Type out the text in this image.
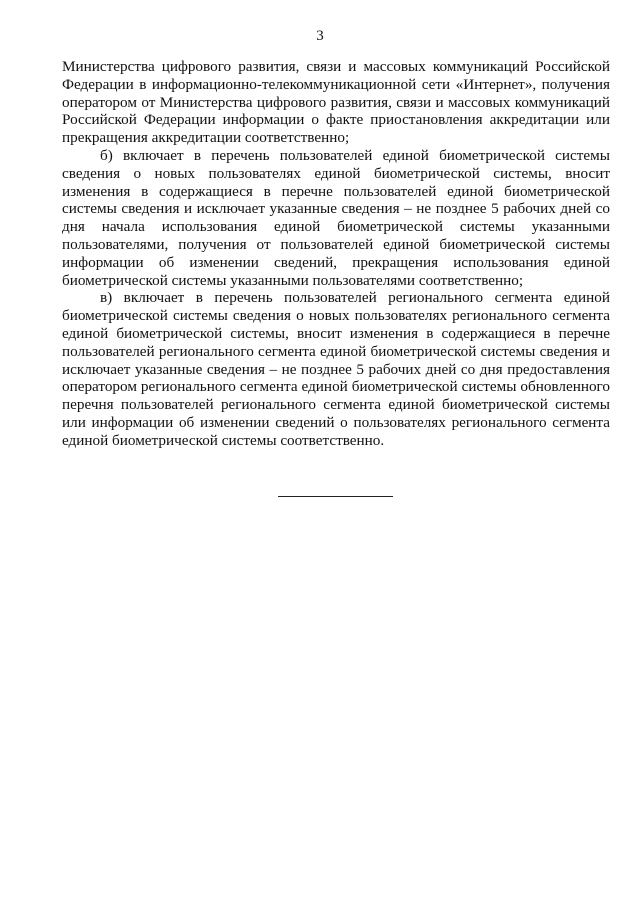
3

Министерства цифрового развития, связи и массовых коммуникаций Российской Федерации в информационно-телекоммуникационной сети «Интернет», получения оператором от Министерства цифрового развития, связи и массовых коммуникаций Российской Федерации информации о факте приостановления аккредитации или прекращения аккредитации соответственно;

б) включает в перечень пользователей единой биометрической системы сведения о новых пользователях единой биометрической системы, вносит изменения в содержащиеся в перечне пользователей единой биометрической системы сведения и исключает указанные сведения – не позднее 5 рабочих дней со дня начала использования единой биометрической системы указанными пользователями, получения от пользователей единой биометрической системы информации об изменении сведений, прекращения использования единой биометрической системы указанными пользователями соответственно;

в) включает в перечень пользователей регионального сегмента единой биометрической системы сведения о новых пользователях регионального сегмента единой биометрической системы, вносит изменения в содержащиеся в перечне пользователей регионального сегмента единой биометрической системы сведения и исключает указанные сведения – не позднее 5 рабочих дней со дня предоставления оператором регионального сегмента единой биометрической системы обновленного перечня пользователей регионального сегмента единой биометрической системы или информации об изменении сведений о пользователях регионального сегмента единой биометрической системы соответственно.
